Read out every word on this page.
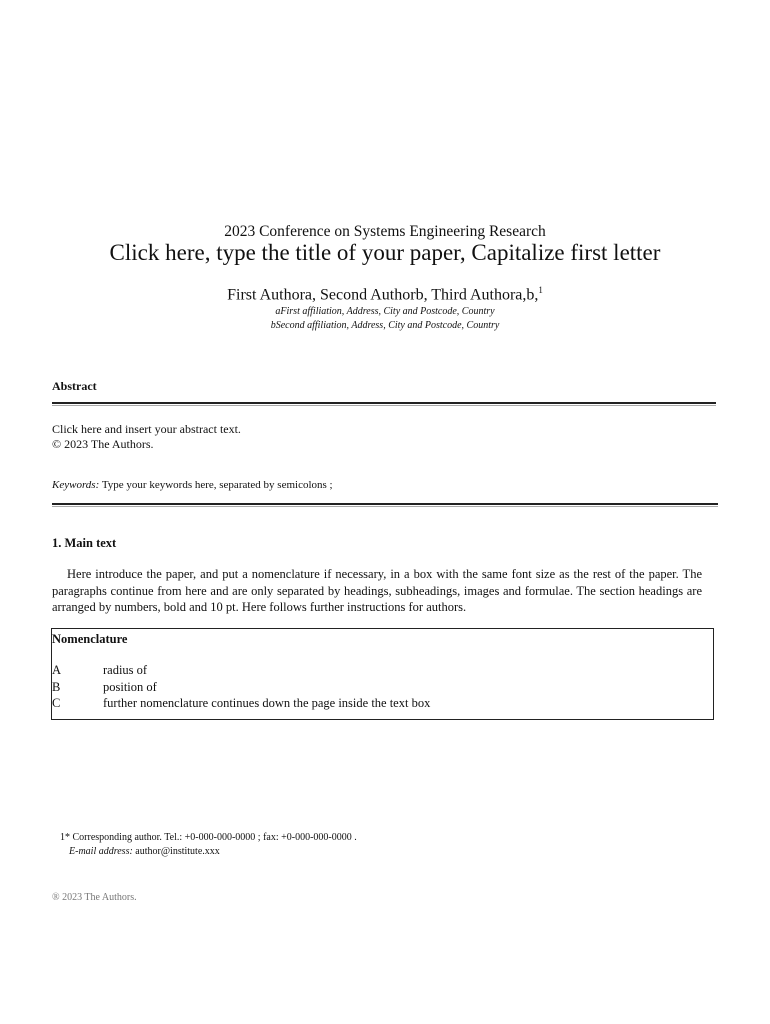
2023 Conference on Systems Engineering Research
Click here, type the title of your paper, Capitalize first letter
First Authora, Second Authorb, Third Authora,b,$^1$
aFirst affiliation, Address, City and Postcode, Country
bSecond affiliation, Address, City and Postcode, Country
Abstract
Click here and insert your abstract text.
© 2023 The Authors.
Keywords: Type your keywords here, separated by semicolons ;
1. Main text
Here introduce the paper, and put a nomenclature if necessary, in a box with the same font size as the rest of the paper. The paragraphs continue from here and are only separated by headings, subheadings, images and formulae. The section headings are arranged by numbers, bold and 10 pt. Here follows further instructions for authors.
Nomenclature
A	radius of
B	position of
C	further nomenclature continues down the page inside the text box
1* Corresponding author. Tel.: +0-000-000-0000 ; fax: +0-000-000-0000 .
E-mail address: author@institute.xxx
® 2023 The Authors.
